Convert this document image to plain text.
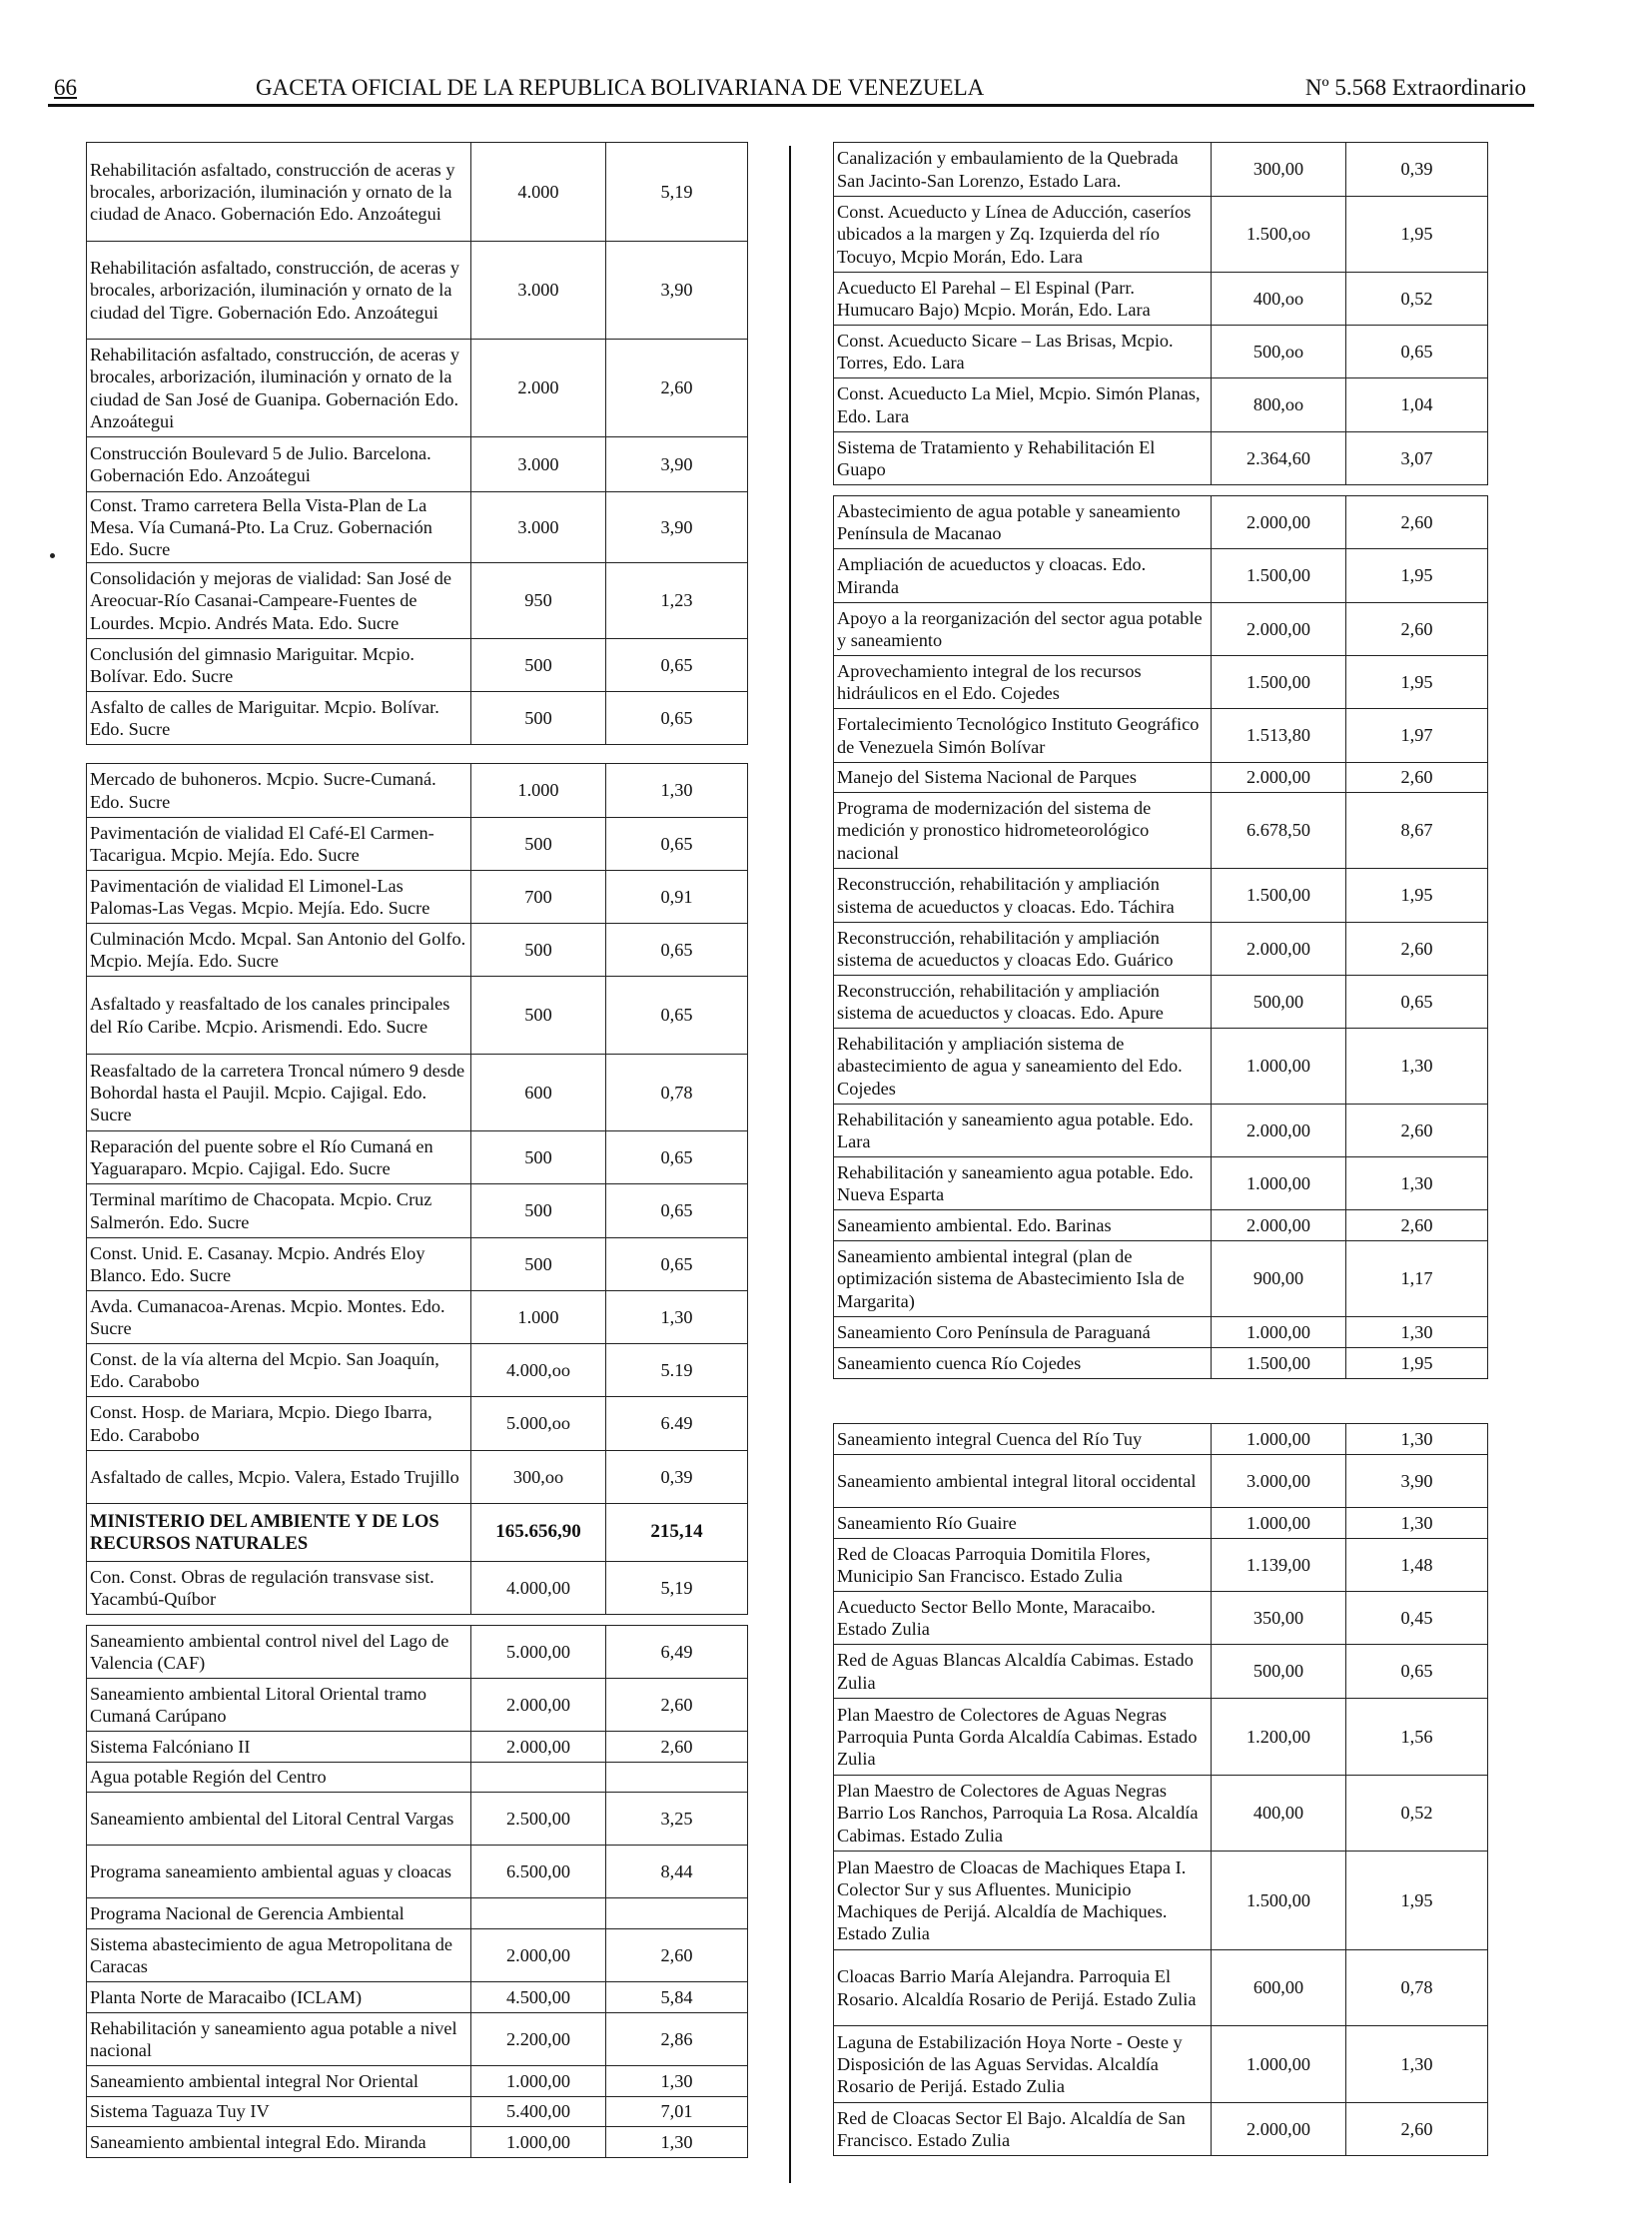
66	GACETA OFICIAL DE LA REPUBLICA BOLIVARIANA DE VENEZUELA	Nº 5.568 Extraordinario
Rehabilitación asfaltado, construcción de aceras y brocales, arborización, iluminación y ornato de la ciudad de Anaco. Gobernación Edo. Anzoátegui	4.000	5,19
Rehabilitación asfaltado, construcción, de aceras y brocales, arborización, iluminación y ornato de la ciudad del Tigre. Gobernación Edo. Anzoátegui	3.000	3,90
Rehabilitación asfaltado, construcción, de aceras y brocales, arborización, iluminación y ornato de la ciudad de San José de Guanipa. Gobernación Edo. Anzoátegui	2.000	2,60
Construcción Boulevard 5 de Julio. Barcelona. Gobernación Edo. Anzoátegui	3.000	3,90
Const. Tramo carretera Bella Vista-Plan de La Mesa. Vía Cumaná-Pto. La Cruz. Gobernación Edo. Sucre	3.000	3,90
Consolidación y mejoras de vialidad: San José de Areocuar-Río Casanai-Campeare-Fuentes de Lourdes. Mcpio. Andrés Mata. Edo. Sucre	950	1,23
Conclusión del gimnasio Mariguitar. Mcpio. Bolívar. Edo. Sucre	500	0,65
Asfalto de calles de Mariguitar. Mcpio. Bolívar. Edo. Sucre	500	0,65
Mercado de buhoneros. Mcpio. Sucre-Cumaná. Edo. Sucre	1.000	1,30
Pavimentación de vialidad El Café-El Carmen-Tacarigua. Mcpio. Mejía. Edo. Sucre	500	0,65
Pavimentación de vialidad El Limonel-Las Palomas-Las Vegas. Mcpio. Mejía. Edo. Sucre	700	0,91
Culminación Mcdo. Mcpal. San Antonio del Golfo. Mcpio. Mejía. Edo. Sucre	500	0,65
Asfaltado y reasfaltado de los canales principales del Río Caribe. Mcpio. Arismendi. Edo. Sucre	500	0,65
Reasfaltado de la carretera Troncal número 9 desde Bohordal hasta el Paujil. Mcpio. Cajigal. Edo. Sucre	600	0,78
Reparación del puente sobre el Río Cumaná en Yaguaraparo. Mcpio. Cajigal. Edo. Sucre	500	0,65
Terminal marítimo de Chacopata. Mcpio. Cruz Salmerón. Edo. Sucre	500	0,65
Const. Unid. E. Casanay. Mcpio. Andrés Eloy Blanco. Edo. Sucre	500	0,65
Avda. Cumanacoa-Arenas. Mcpio. Montes. Edo. Sucre	1.000	1,30
Const. de la vía alterna del Mcpio. San Joaquín, Edo. Carabobo	4.000,oo	5.19
Const. Hosp. de Mariara, Mcpio. Diego Ibarra, Edo. Carabobo	5.000,oo	6.49
Asfaltado de calles, Mcpio. Valera, Estado Trujillo	300,oo	0,39
MINISTERIO DEL AMBIENTE Y DE LOS RECURSOS NATURALES	165.656,90	215,14
Con. Const. Obras de regulación transvase sist. Yacambú-Quíbor	4.000,00	5,19
Saneamiento ambiental control nivel del Lago de Valencia (CAF)	5.000,00	6,49
Saneamiento ambiental Litoral Oriental tramo Cumaná Carúpano	2.000,00	2,60
Sistema Falcóniano II	2.000,00	2,60
Agua potable Región del Centro		
Saneamiento ambiental del Litoral Central Vargas	2.500,00	3,25
Programa saneamiento ambiental aguas y cloacas	6.500,00	8,44
Programa Nacional de Gerencia Ambiental		
Sistema abastecimiento de agua Metropolitana de Caracas	2.000,00	2,60
Planta Norte de Maracaibo (ICLAM)	4.500,00	5,84
Rehabilitación y saneamiento agua potable a nivel nacional	2.200,00	2,86
Saneamiento ambiental integral Nor Oriental	1.000,00	1,30
Sistema Taguaza Tuy IV	5.400,00	7,01
Saneamiento ambiental integral Edo. Miranda	1.000,00	1,30
Canalización y embaulamiento de la Quebrada San Jacinto-San Lorenzo, Estado Lara.	300,00	0,39
Const. Acueducto y Línea de Aducción, caseríos ubicados a la margen y Zq. Izquierda del río Tocuyo, Mcpio Morán, Edo. Lara	1.500,oo	1,95
Acueducto El Parehal – El Espinal (Parr. Humucaro Bajo) Mcpio. Morán, Edo. Lara	400,oo	0,52
Const. Acueducto Sicare – Las Brisas, Mcpio. Torres, Edo. Lara	500,oo	0,65
Const. Acueducto La Miel, Mcpio. Simón Planas, Edo. Lara	800,oo	1,04
Sistema de Tratamiento y Rehabilitación El Guapo	2.364,60	3,07
Abastecimiento de agua potable y saneamiento Península de Macanao	2.000,00	2,60
Ampliación de acueductos y cloacas. Edo. Miranda	1.500,00	1,95
Apoyo a la reorganización del sector agua potable y saneamiento	2.000,00	2,60
Aprovechamiento integral de los recursos hidráulicos en el Edo. Cojedes	1.500,00	1,95
Fortalecimiento Tecnológico Instituto Geográfico de Venezuela Simón Bolívar	1.513,80	1,97
Manejo del Sistema Nacional de Parques	2.000,00	2,60
Programa de modernización del sistema de medición y pronostico hidrometeorológico nacional	6.678,50	8,67
Reconstrucción, rehabilitación y ampliación sistema de acueductos y cloacas. Edo. Táchira	1.500,00	1,95
Reconstrucción, rehabilitación y ampliación sistema de acueductos y cloacas Edo. Guárico	2.000,00	2,60
Reconstrucción, rehabilitación y ampliación sistema de acueductos y cloacas. Edo. Apure	500,00	0,65
Rehabilitación y ampliación sistema de abastecimiento de agua y saneamiento del Edo. Cojedes	1.000,00	1,30
Rehabilitación y saneamiento agua potable. Edo. Lara	2.000,00	2,60
Rehabilitación y saneamiento agua potable. Edo. Nueva Esparta	1.000,00	1,30
Saneamiento ambiental. Edo. Barinas	2.000,00	2,60
Saneamiento ambiental integral (plan de optimización sistema de Abastecimiento Isla de Margarita)	900,00	1,17
Saneamiento Coro Península de Paraguaná	1.000,00	1,30
Saneamiento cuenca Río Cojedes	1.500,00	1,95
Saneamiento integral Cuenca del Río Tuy	1.000,00	1,30
Saneamiento ambiental integral litoral occidental	3.000,00	3,90
Saneamiento Río Guaire	1.000,00	1,30
Red de Cloacas Parroquia Domitila Flores, Municipio San Francisco. Estado Zulia	1.139,00	1,48
Acueducto Sector Bello Monte, Maracaibo. Estado Zulia	350,00	0,45
Red de Aguas Blancas Alcaldía Cabimas. Estado Zulia	500,00	0,65
Plan Maestro de Colectores de Aguas Negras Parroquia Punta Gorda Alcaldía Cabimas. Estado Zulia	1.200,00	1,56
Plan Maestro de Colectores de Aguas Negras Barrio Los Ranchos, Parroquia La Rosa. Alcaldía Cabimas. Estado Zulia	400,00	0,52
Plan Maestro de Cloacas de Machiques Etapa I. Colector Sur y sus Afluentes. Municipio Machiques de Perijá. Alcaldía de Machiques. Estado Zulia	1.500,00	1,95
Cloacas Barrio María Alejandra. Parroquia El Rosario. Alcaldía Rosario de Perijá. Estado Zulia	600,00	0,78
Laguna de Estabilización Hoya Norte - Oeste y Disposición de las Aguas Servidas. Alcaldía Rosario de Perijá. Estado Zulia	1.000,00	1,30
Red de Cloacas Sector El Bajo. Alcaldía de San Francisco. Estado Zulia	2.000,00	2,60
